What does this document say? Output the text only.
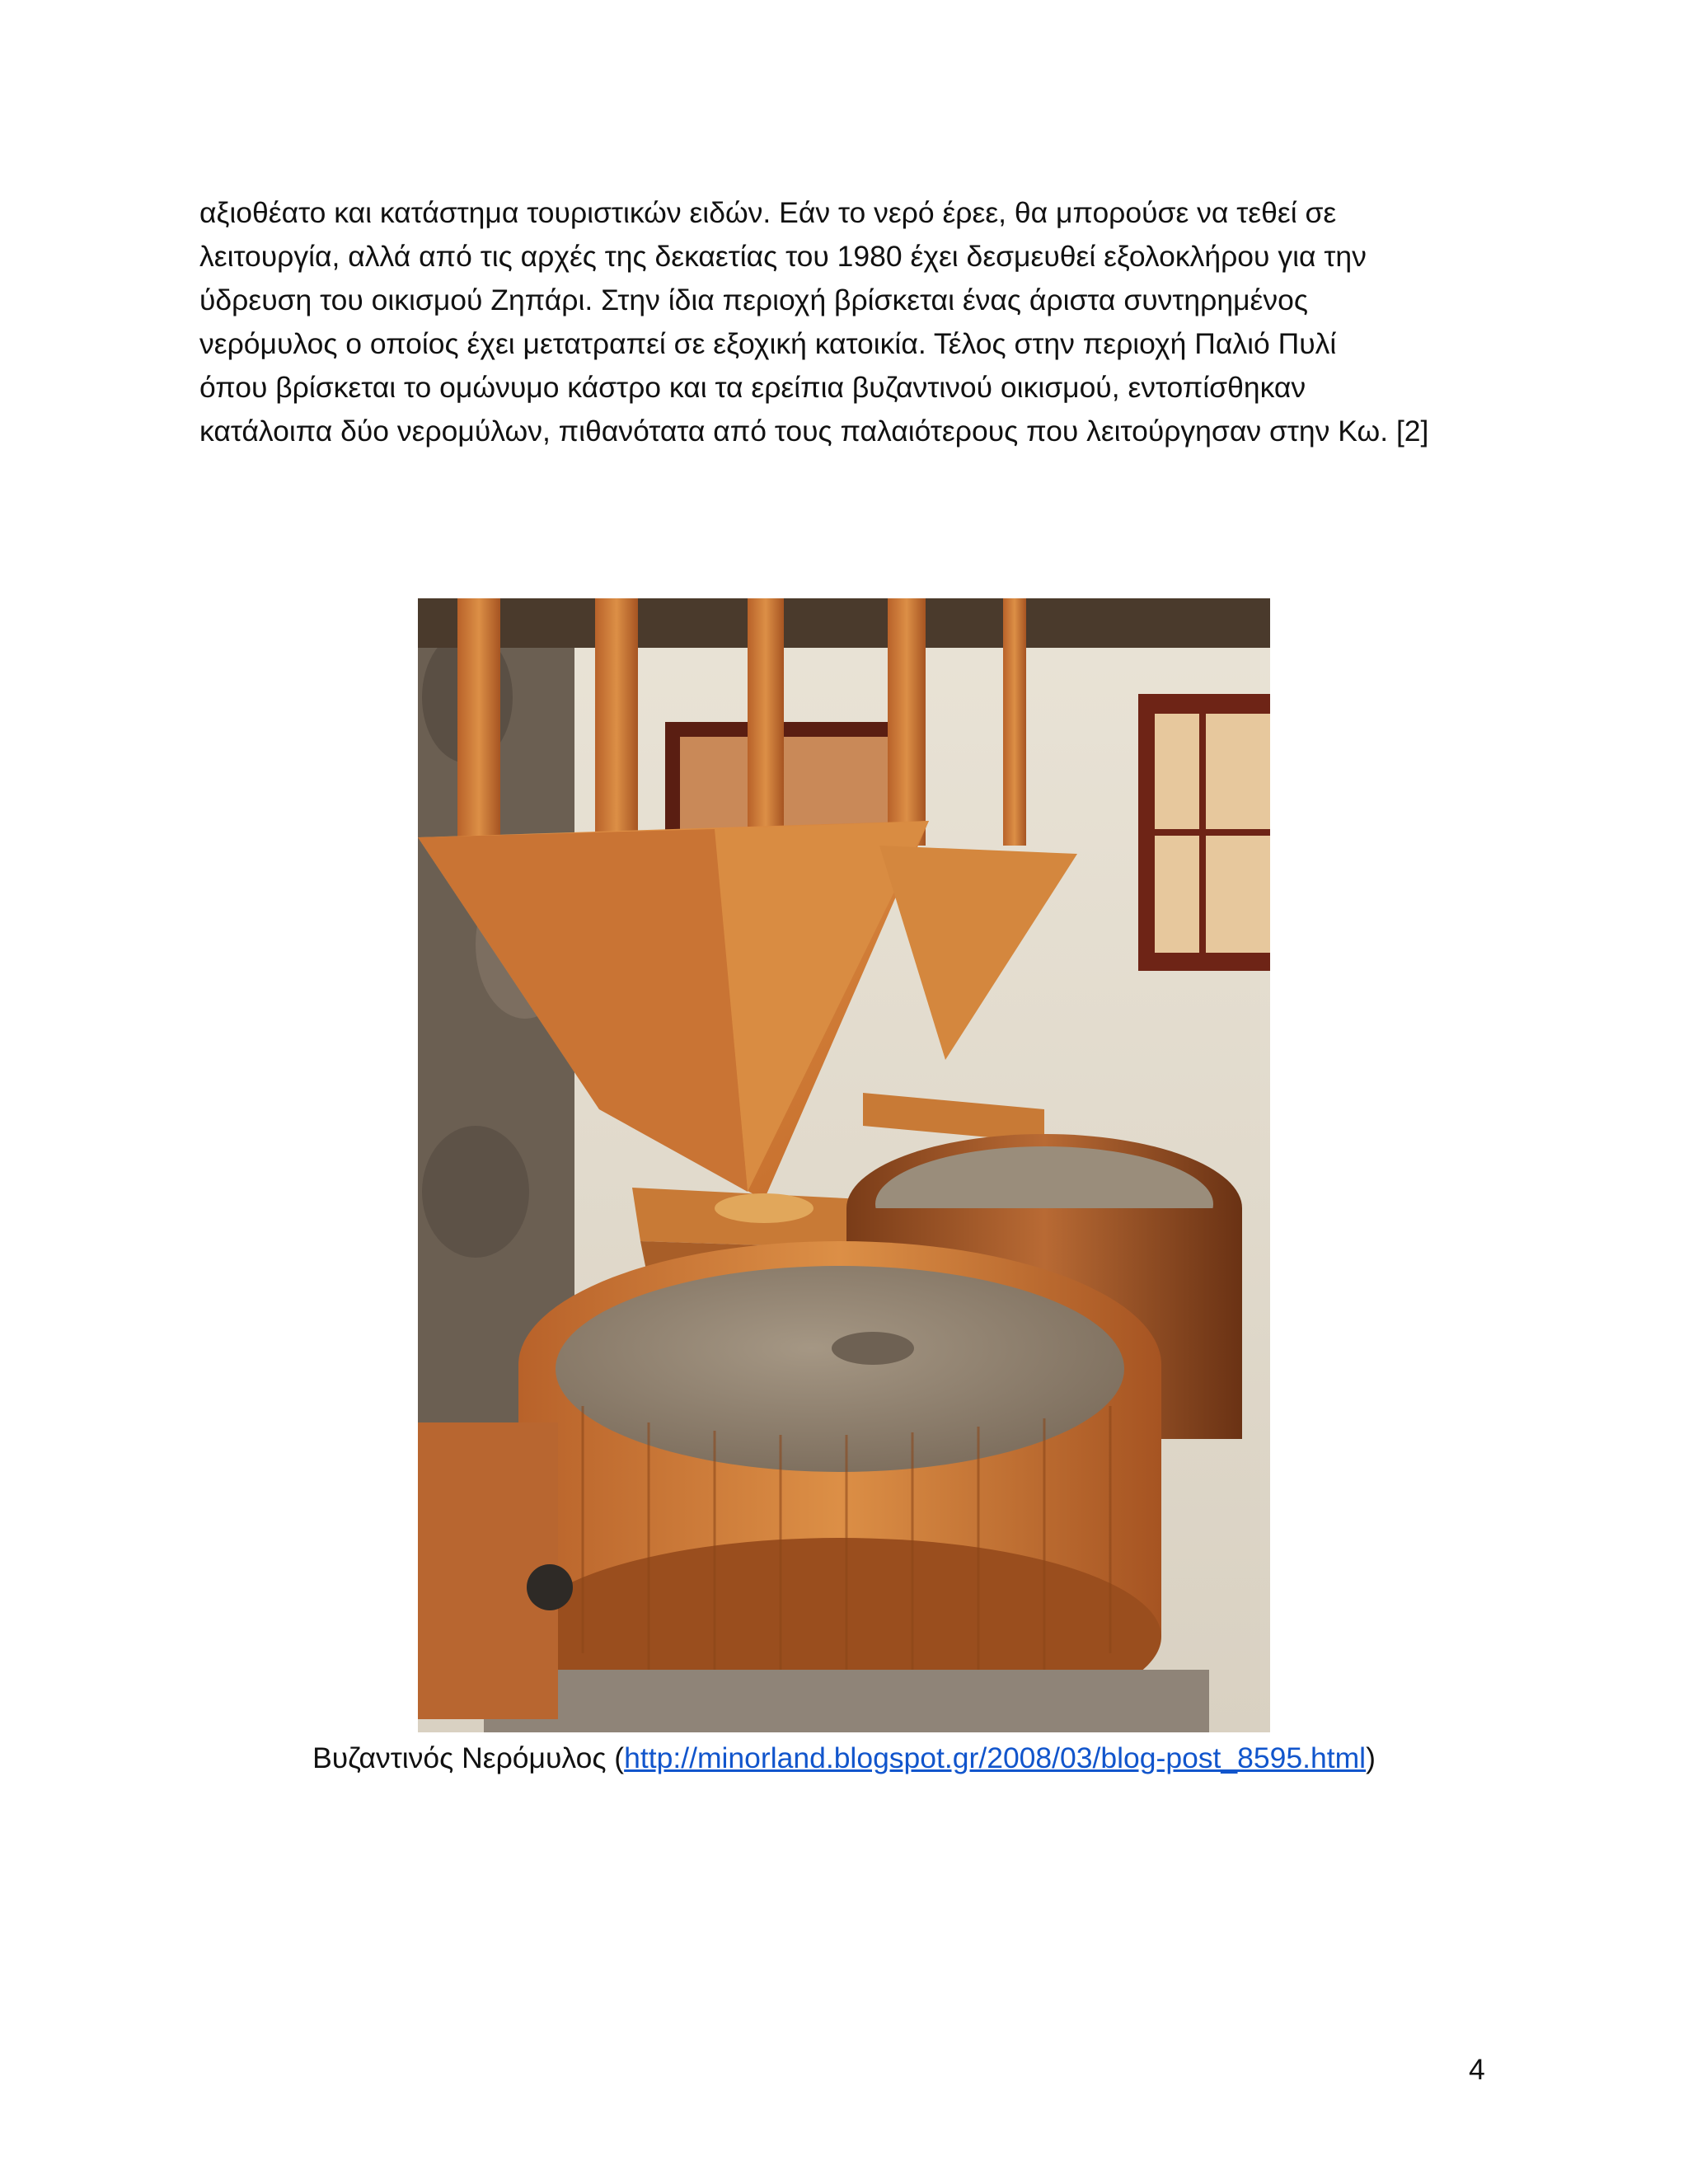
αξιοθέατο και κατάστημα τουριστικών ειδών. Εάν το νερό έρεε, θα μπορούσε να τεθεί σε
λειτουργία, αλλά από τις αρχές της δεκαετίας του 1980 έχει δεσμευθεί εξολοκλήρου για την
ύδρευση του οικισμού Ζηπάρι. Στην ίδια περιοχή βρίσκεται ένας άριστα συντηρημένος
νερόμυλος ο οποίος έχει μετατραπεί σε εξοχική κατοικία. Τέλος στην περιοχή Παλιό Πυλί
όπου βρίσκεται το ομώνυμο κάστρο και τα ερείπια βυζαντινού οικισμού, εντοπίσθηκαν
κατάλοιπα δύο νερομύλων, πιθανότατα από τους παλαιότερους που λειτούργησαν στην Κω. [2]
Βυζαντινός Νερόμυλος (http://minorland.blogspot.gr/2008/03/blog-post_8595.html)
4
